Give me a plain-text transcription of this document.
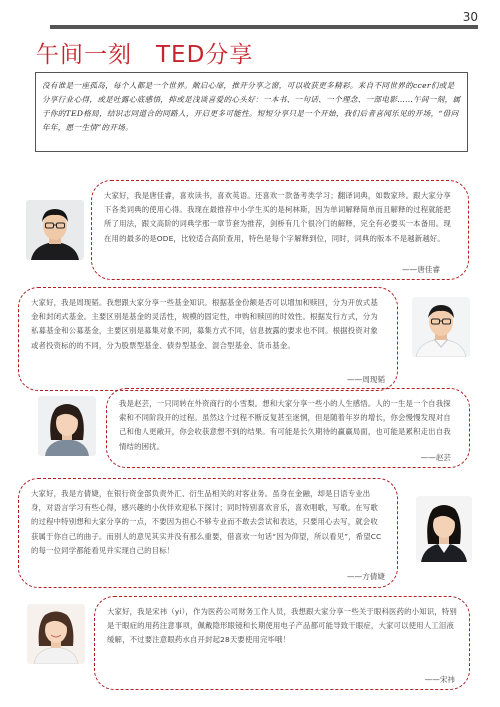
30
午间一刻 TED分享

没有谁是一座孤岛，每个人都是一个世界。敞启心扉，推开分享之窗，可以收获更多精彩。来自不同世界的ccer们或是分享行业心得，或是吐露心底感悟，抑或是浅谈喜爱的心头好：一本书、一句话、一个理念、一部电影……午间一刻，属于你的TED格局，结识志同道合的同路人，开启更多可能性。短短分享只是一个开始，我们后者喜闻乐见的开场，“借问年年，愿一生情”的开场。

大家好，我是唐佳睿，喜欢读书，喜欢英语。还喜欢一款备考类学习；翻译词典，如数家珍。跟大家分享下各类词典的使用心得。我现在最推荐中小学生买的是柯林斯，因为单词解释简单而且解释的过程就能把所了用法，跟文高阶的词典学那一章节套为推荐，剑桥有几个很冷门的解释，完全有必要买一本备用。现在用的最多的是ODE，比较适合高阶查用，特色是每个字解释到位，同时，词典的版本不是越新越好。

——唐佳睿

大家好，我是周现韬。我想跟大家分享一些基金知识。根据基金份额是否可以增加和赎回，分为开放式基金和封闭式基金。主要区别是基金的灵活性，规模的固定性，申购和赎回的时效性。根据发行方式，分为私募基金和公募基金，主要区别是募集对象不同，募集方式不同，信息披露的要求也不同。根据投资对象或者投资标的的不同，分为股票型基金、债券型基金、混合型基金、货币基金。

——周现韬

我是赵芸，一只同转在外资商行的小雪梨。想和大家分享一些小的人生感悟。人的一生是一个自我探索和不同阶段开的过程。虽然这个过程不断反复甚至迷惘，但是随着年岁的增长，你会慢慢发现对自己和他人更敞开，你会收获意想不到的结果。有可能是长久期待的赢赢局面，也可能是累积走出自我情结的困扰。

——赵芸

大家好，我是方倩婕，在银行资金部负责外汇、衍生品相关的对客业务。虽身在金融，却是日语专业出身，对语言学习有些心得，感兴趣的小伙伴欢迎私下探讨；同时特别喜欢音乐，喜欢唱歌，写歌。在写歌的过程中特别想和大家分享的一点，不要因为担心不够专业而不敢去尝试和表达，只要用心去写，就会收获属于你自己的曲子。而别人的意见其实并没有那么重要，借喜欢一句话“因为仰望，所以看见”，希望CC的每一位同学都能看见并实现自己的目标！

——方倩婕

大家好，我是宋祎（yi），作为医药公司财务工作人员，我想跟大家分享一些关于眼科医药的小知识，特别是干眼症的用药注意事项，佩戴隐形眼镜和长期使用电子产品都可能导致干眼症，大家可以使用人工泪液缓解，不过要注意眼药水自开封起28天要使用完毕哦！

——宋祎
